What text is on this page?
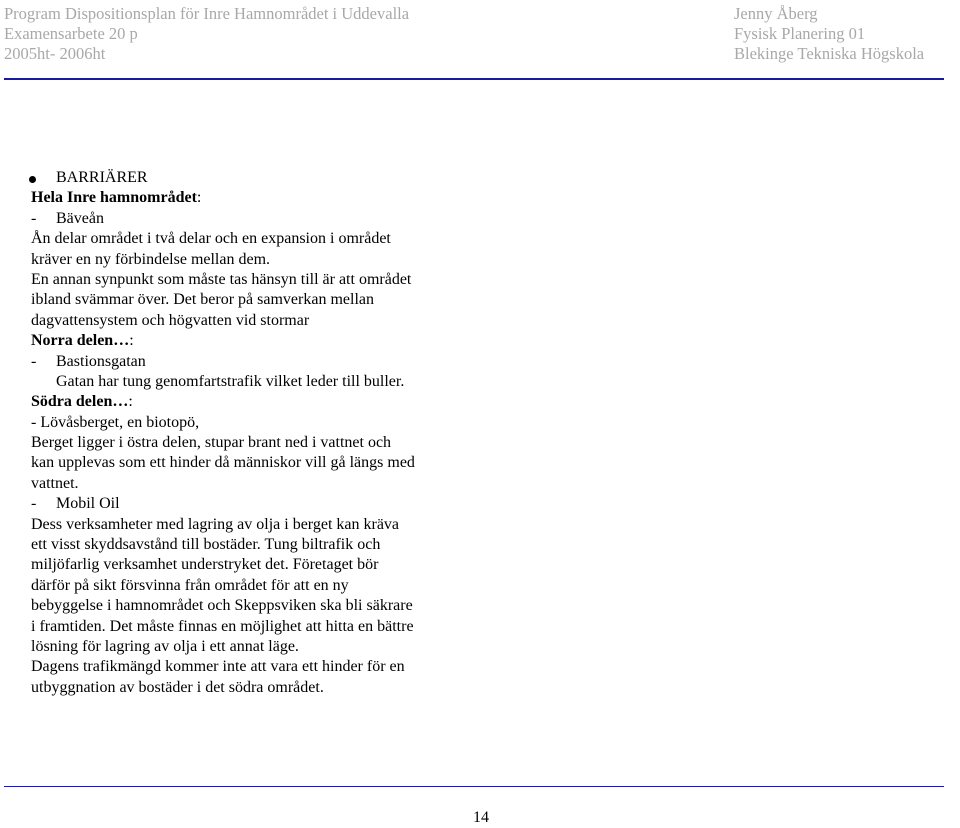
Program Dispositionsplan för Inre Hamnområdet i Uddevalla
Examensarbete 20 p
2005ht- 2006ht
Jenny Åberg
Fysisk Planering 01
Blekinge Tekniska Högskola
BARRIÄRER
Hela Inre hamnområdet:
- Bäveån
Ån delar området i två delar och en expansion i området
kräver en ny förbindelse mellan dem.
En annan synpunkt som måste tas hänsyn till är att området
ibland svämmar över. Det beror på samverkan mellan
dagvattensystem och högvatten vid stormar
Norra delen…:
- Bastionsgatan
Gatan har tung genomfartstrafik vilket leder till buller.
Södra delen…:
- Lövåsberget, en biotopö,
Berget ligger i östra delen, stupar brant ned i vattnet och
kan upplevas som ett hinder då människor vill gå längs med
vattnet.
- Mobil Oil
Dess verksamheter med lagring av olja i berget kan kräva
ett visst skyddsavstånd till bostäder. Tung biltrafik och
miljöfarlig verksamhet understryket det. Företaget bör
därför på sikt försvinna från området för att en ny
bebyggelse i hamnområdet och Skeppsviken ska bli säkrare
i framtiden. Det måste finnas en möjlighet att hitta en bättre
lösning för lagring av olja i ett annat läge.
Dagens trafikmängd kommer inte att vara ett hinder för en
utbyggnation av bostäder i det södra området.
14
